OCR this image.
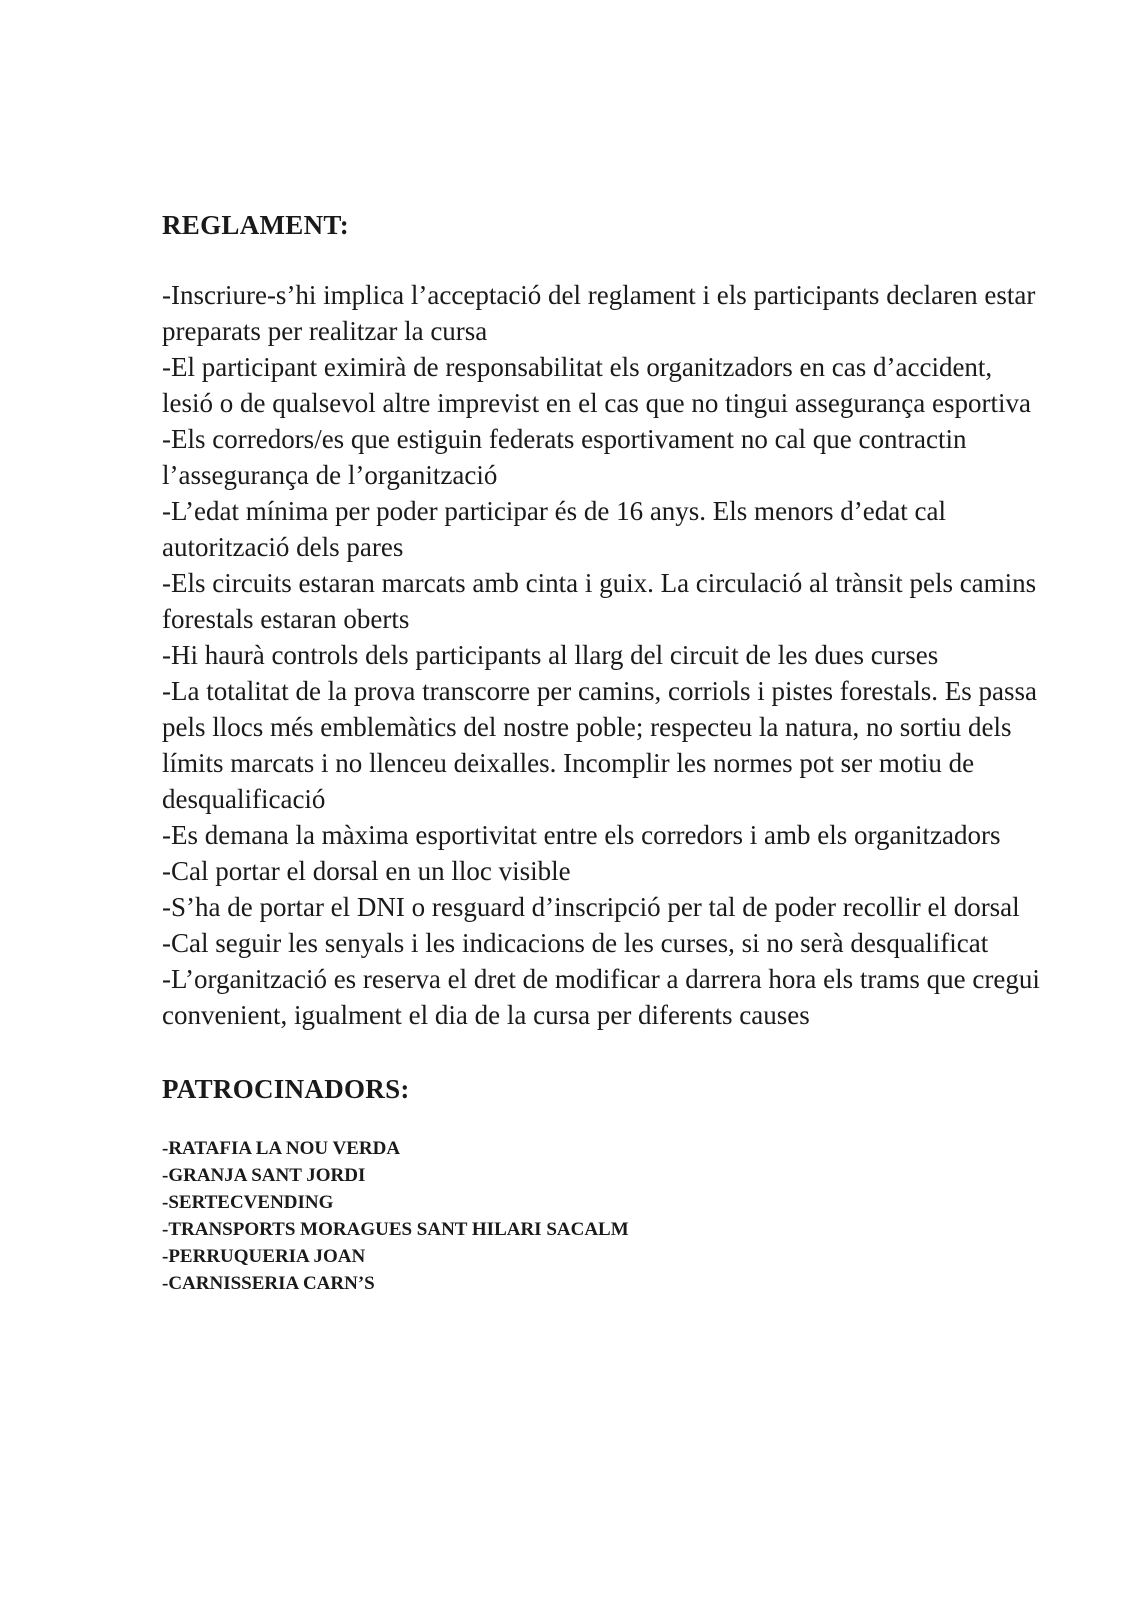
REGLAMENT:
-Inscriure-s’hi implica l’acceptació del reglament i els participants declaren estar preparats per realitzar la cursa
-El participant eximirà de responsabilitat els organitzadors en cas d’accident, lesió o de qualsevol altre imprevist en el cas que no tingui assegurança esportiva
-Els corredors/es que estiguin federats esportivament no cal que contractin l’assegurança de l’organització
-L’edat mínima per poder participar és de 16 anys. Els menors d’edat cal autorització dels pares
-Els circuits estaran marcats amb cinta i guix. La circulació al trànsit pels camins forestals estaran oberts
-Hi haurà controls dels participants al llarg del circuit de les dues curses
-La totalitat de la prova transcorre per camins, corriols i pistes forestals. Es passa pels llocs més emblemàtics del nostre poble; respecteu la natura, no sortiu dels límits marcats i no llenceu deixalles. Incomplir les normes pot ser motiu de desqualificació
-Es demana la màxima esportivitat entre els corredors i amb els organitzadors
-Cal portar el dorsal en un lloc visible
-S’ha de portar el DNI o resguard d’inscripció per tal de poder recollir el dorsal
-Cal seguir les senyals i les indicacions de les curses, si no serà desqualificat
-L’organització es reserva el dret de modificar a darrera hora els trams que cregui convenient, igualment el dia de la cursa per diferents causes
PATROCINADORS:
-RATAFIA LA NOU VERDA
-GRANJA SANT JORDI
-SERTECVENDING
-TRANSPORTS MORAGUES SANT HILARI SACALM
-PERRUQUERIA JOAN
-CARNISSERIA CARN’S
